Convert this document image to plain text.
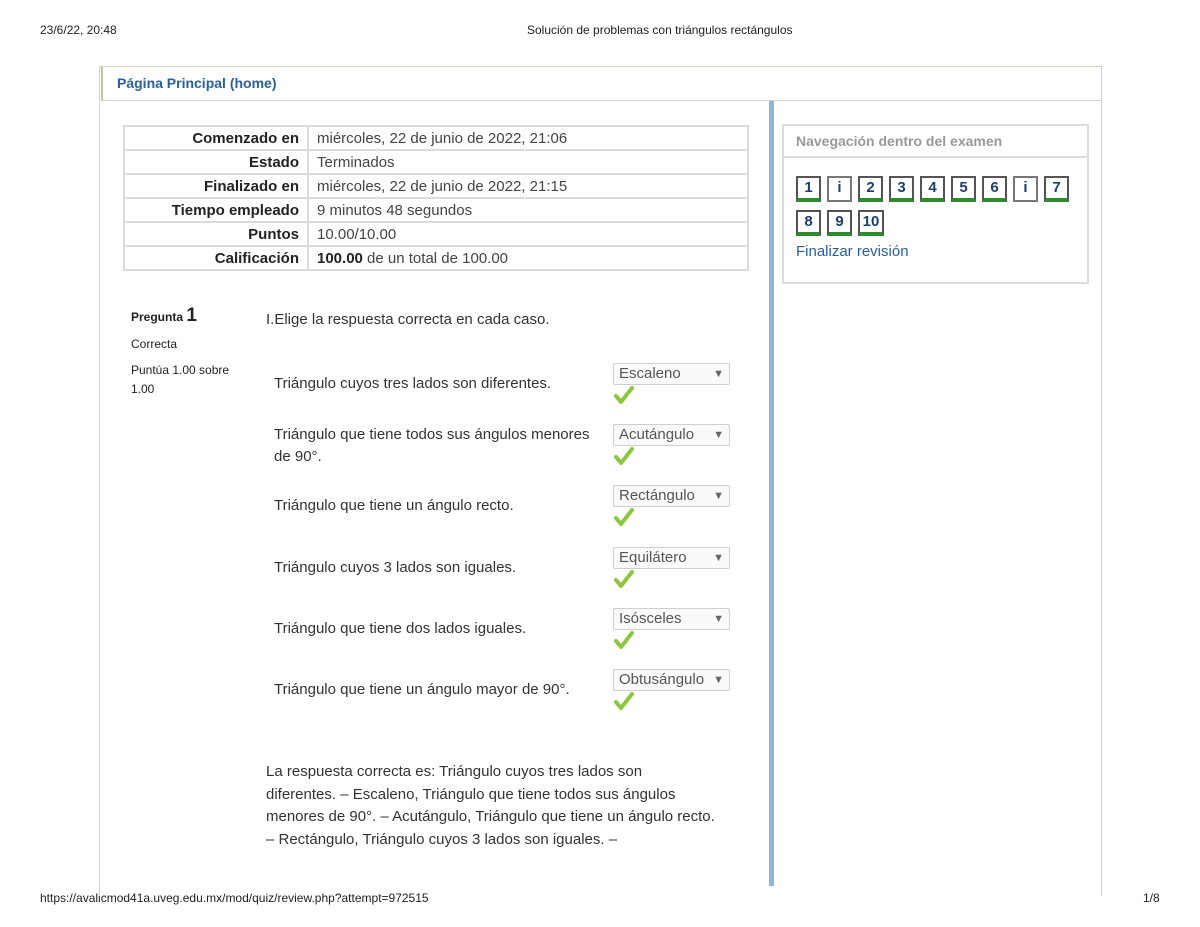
23/6/22, 20:48	Solución de problemas con triángulos rectángulos
https://avalicmod41a.uveg.edu.mx/mod/quiz/review.php?attempt=972515	1/8
Página Principal (home)
Comenzado en	miércoles, 22 de junio de 2022, 21:06
Estado	Terminados
Finalizado en	miércoles, 22 de junio de 2022, 21:15
Tiempo empleado	9 minutos 48 segundos
Puntos	10.00/10.00
Calificación	100.00 de un total de 100.00
Pregunta 1
Correcta
Puntúa 1.00 sobre 1.00
I.Elige la respuesta correcta en cada caso.
Triángulo cuyos tres lados son diferentes.
Escaleno	▼
Triángulo que tiene todos sus ángulos menores de 90°.
Acutángulo ▼
Triángulo que tiene un ángulo recto.
Rectángulo ▼
Triángulo cuyos 3 lados son iguales.
Equilátero ▼
Triángulo que tiene dos lados iguales.
Isósceles	▼
Triángulo que tiene un ángulo mayor de 90°.
Obtusángulo ▼
La respuesta correcta es: Triángulo cuyos tres lados son diferentes. – Escaleno, Triángulo que tiene todos sus ángulos menores de 90°. – Acutángulo, Triángulo que tiene un ángulo recto. – Rectángulo, Triángulo cuyos 3 lados son iguales. –
Navegación dentro del examen
1	i	2	3	4	5	6	i	7
8	9	10
Finalizar revisión
